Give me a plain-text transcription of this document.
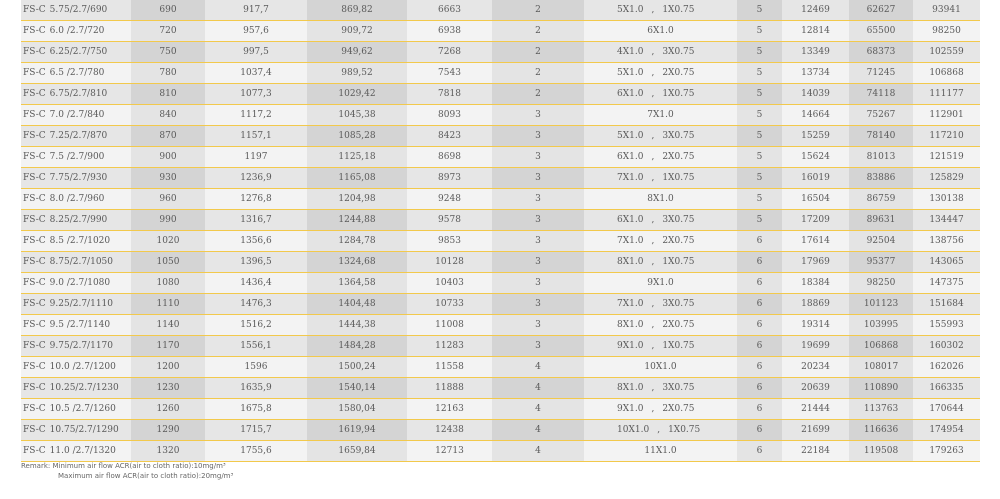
FS-C 5.75/2.7/690	690	917,7	869,82	6663	2	5X1.0 , 1X0.75	5	12469	62627	93941
FS-C 6.0 /2.7/720	720	957,6	909,72	6938	2	6X1.0	5	12814	65500	98250
FS-C 6.25/2.7/750	750	997,5	949,62	7268	2	4X1.0 , 3X0.75	5	13349	68373	102559
FS-C 6.5 /2.7/780	780	1037,4	989,52	7543	2	5X1.0 , 2X0.75	5	13734	71245	106868
FS-C 6.75/2.7/810	810	1077,3	1029,42	7818	2	6X1.0 , 1X0.75	5	14039	74118	111177
FS-C 7.0 /2.7/840	840	1117,2	1045,38	8093	3	7X1.0	5	14664	75267	112901
FS-C 7.25/2.7/870	870	1157,1	1085,28	8423	3	5X1.0 , 3X0.75	5	15259	78140	117210
FS-C 7.5 /2.7/900	900	1197	1125,18	8698	3	6X1.0 , 2X0.75	5	15624	81013	121519
FS-C 7.75/2.7/930	930	1236,9	1165,08	8973	3	7X1.0 , 1X0.75	5	16019	83886	125829
FS-C 8.0 /2.7/960	960	1276,8	1204,98	9248	3	8X1.0	5	16504	86759	130138
FS-C 8.25/2.7/990	990	1316,7	1244,88	9578	3	6X1.0 , 3X0.75	5	17209	89631	134447
FS-C 8.5 /2.7/1020	1020	1356,6	1284,78	9853	3	7X1.0 , 2X0.75	6	17614	92504	138756
FS-C 8.75/2.7/1050	1050	1396,5	1324,68	10128	3	8X1.0 , 1X0.75	6	17969	95377	143065
FS-C 9.0 /2.7/1080	1080	1436,4	1364,58	10403	3	9X1.0	6	18384	98250	147375
FS-C 9.25/2.7/1110	1110	1476,3	1404,48	10733	3	7X1.0 , 3X0.75	6	18869	101123	151684
FS-C 9.5 /2.7/1140	1140	1516,2	1444,38	11008	3	8X1.0 , 2X0.75	6	19314	103995	155993
FS-C 9.75/2.7/1170	1170	1556,1	1484,28	11283	3	9X1.0 , 1X0.75	6	19699	106868	160302
FS-C 10.0 /2.7/1200	1200	1596	1500,24	11558	4	10X1.0	6	20234	108017	162026
FS-C 10.25/2.7/1230	1230	1635,9	1540,14	11888	4	8X1.0 , 3X0.75	6	20639	110890	166335
FS-C 10.5 /2.7/1260	1260	1675,8	1580,04	12163	4	9X1.0 , 2X0.75	6	21444	113763	170644
FS-C 10.75/2.7/1290	1290	1715,7	1619,94	12438	4	10X1.0 , 1X0.75	6	21699	116636	174954
FS-C 11.0 /2.7/1320	1320	1755,6	1659,84	12713	4	11X1.0	6	22184	119508	179263
Remark: Minimum air flow ACR(air to cloth ratio):10mg/m³
Maximum air flow ACR(air to cloth ratio):20mg/m³
